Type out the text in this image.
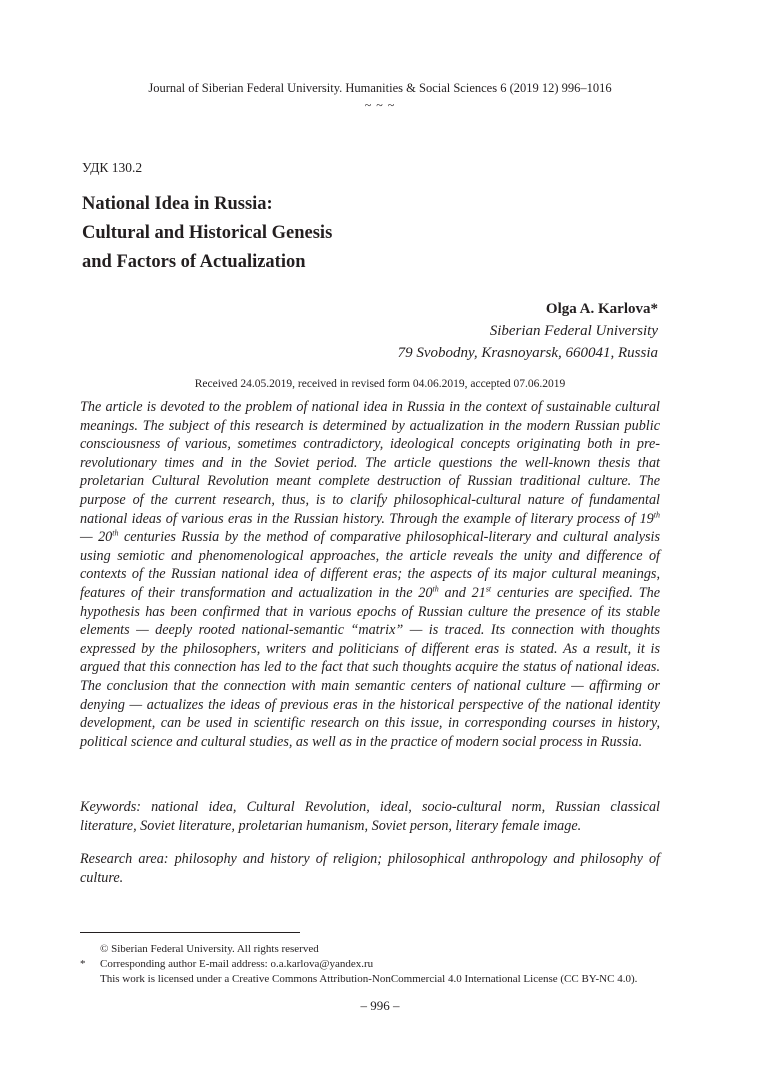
Journal of Siberian Federal University. Humanities & Social Sciences 6 (2019 12) 996–1016
~ ~ ~
УДК 130.2
National Idea in Russia:
Cultural and Historical Genesis
and Factors of Actualization
Olga A. Karlova*
Siberian Federal University
79 Svobodny, Krasnoyarsk, 660041, Russia
Received 24.05.2019, received in revised form 04.06.2019, accepted 07.06.2019
The article is devoted to the problem of national idea in Russia in the context of sustainable cultural meanings. The subject of this research is determined by actualization in the modern Russian public consciousness of various, sometimes contradictory, ideological concepts originating both in pre-revolutionary times and in the Soviet period. The article questions the well-known thesis that proletarian Cultural Revolution meant complete destruction of Russian traditional culture. The purpose of the current research, thus, is to clarify philosophical-cultural nature of fundamental national ideas of various eras in the Russian history. Through the example of literary process of 19th — 20th centuries Russia by the method of comparative philosophical-literary and cultural analysis using semiotic and phenomenological approaches, the article reveals the unity and difference of contexts of the Russian national idea of different eras; the aspects of its major cultural meanings, features of their transformation and actualization in the 20th and 21st centuries are specified. The hypothesis has been confirmed that in various epochs of Russian culture the presence of its stable elements — deeply rooted national-semantic “matrix” — is traced. Its connection with thoughts expressed by the philosophers, writers and politicians of different eras is stated. As a result, it is argued that this connection has led to the fact that such thoughts acquire the status of national ideas. The conclusion that the connection with main semantic centers of national culture — affirming or denying — actualizes the ideas of previous eras in the historical perspective of the national identity development, can be used in scientific research on this issue, in corresponding courses in history, political science and cultural studies, as well as in the practice of modern social process in Russia.
Keywords: national idea, Cultural Revolution, ideal, socio-cultural norm, Russian classical literature, Soviet literature, proletarian humanism, Soviet person, literary female image.
Research area: philosophy and history of religion; philosophical anthropology and philosophy of culture.
© Siberian Federal University. All rights reserved
* Corresponding author E-mail address: o.a.karlova@yandex.ru
This work is licensed under a Creative Commons Attribution-NonCommercial 4.0 International License (CC BY-NC 4.0).
– 996 –
